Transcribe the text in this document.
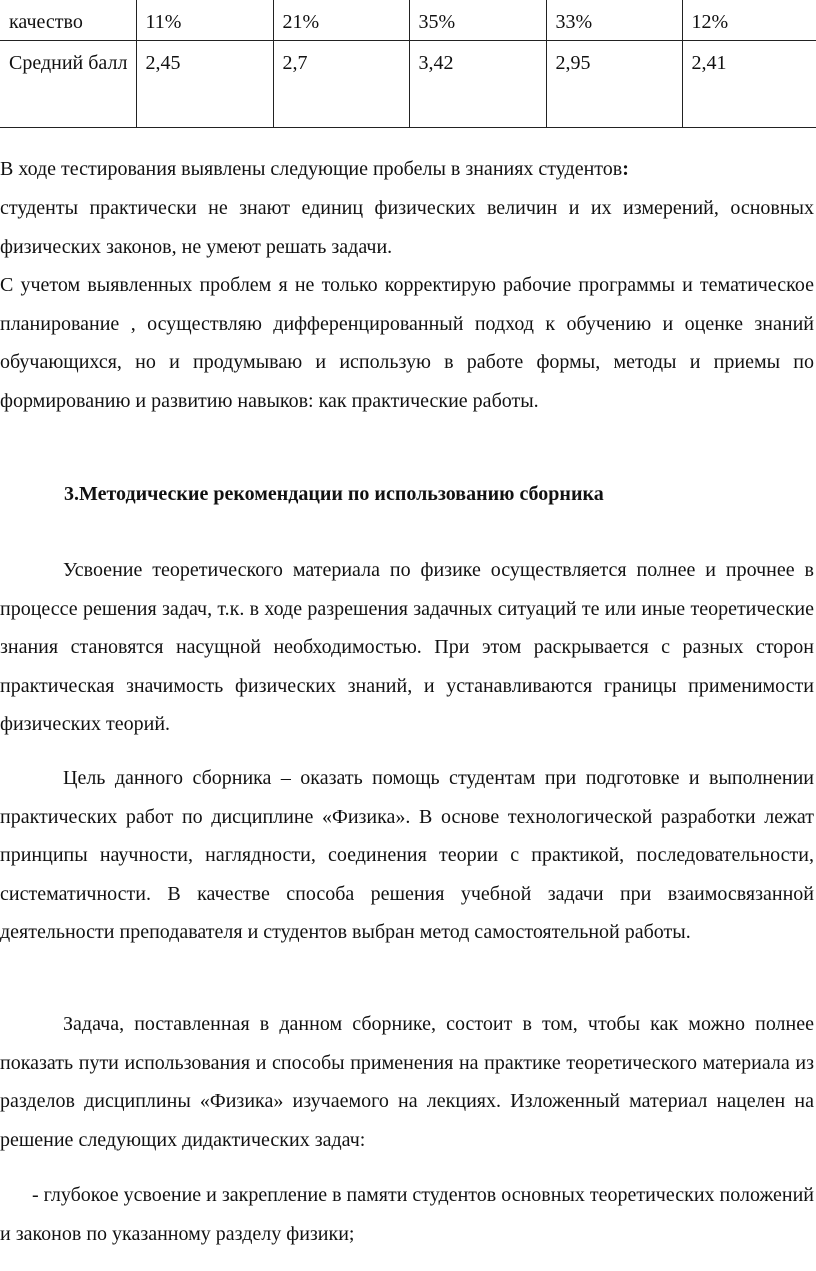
качество	11%	21%	35%	33%	12%
Средний балл	2,45	2,7	3,42	2,95	2,41

В ходе тестирования выявлены следующие пробелы в знаниях студентов:

студенты практически не знают единиц физических величин и их измерений, основных физических законов, не умеют решать задачи.

С учетом выявленных проблем я не только корректирую рабочие программы и тематическое планирование , осуществляю дифференцированный подход к обучению и оценке знаний обучающихся, но и продумываю и использую в работе формы, методы и приемы по формированию и развитию навыков: как практические работы.

3.Методические рекомендации по использованию сборника

Усвоение теоретического материала по физике осуществляется полнее и прочнее в процессе решения задач, т.к. в ходе разрешения задачных ситуаций те или иные теоретические знания становятся насущной необходимостью. При этом раскрывается с разных сторон практическая значимость физических знаний, и устанавливаются границы применимости физических теорий.

Цель данного сборника – оказать помощь студентам при подготовке и выполнении практических работ по дисциплине «Физика». В основе технологической разработки лежат принципы научности, наглядности, соединения теории с практикой, последовательности, систематичности. В качестве способа решения учебной задачи при взаимосвязанной деятельности преподавателя и студентов выбран метод самостоятельной работы.

Задача, поставленная в данном сборнике, состоит в том, чтобы как можно полнее показать пути использования и способы применения на практике теоретического материала из разделов дисциплины «Физика» изучаемого на лекциях. Изложенный материал нацелен на решение следующих дидактических задач:

- глубокое усвоение и закрепление в памяти студентов основных теоретических положений и законов по указанному разделу физики;
